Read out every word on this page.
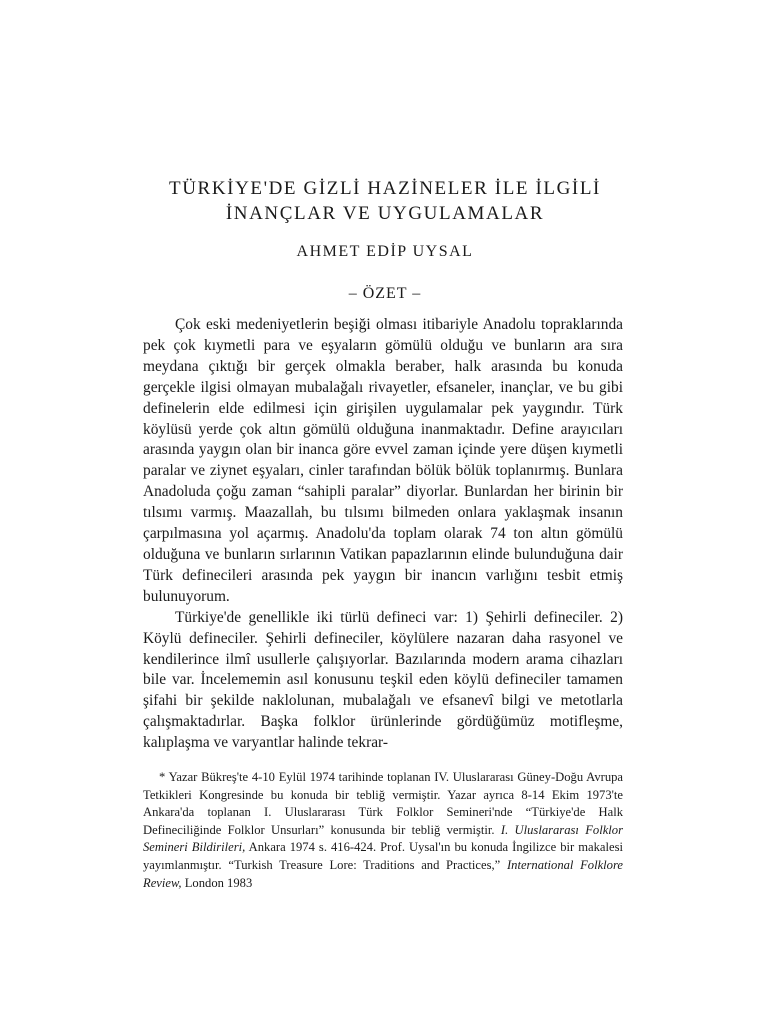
TÜRKİYE'DE GİZLİ HAZİNELER İLE İLGİLİ
İNANÇLAR VE UYGULAMALAR
AHMET EDİP UYSAL
– ÖZET –

Çok eski medeniyetlerin beşiği olması itibariyle Anadolu topraklarında pek çok kıymetli para ve eşyaların gömülü olduğu ve bunların ara sıra meydana çıktığı bir gerçek olmakla beraber, halk arasında bu konuda gerçekle ilgisi olmayan mubalağalı rivayetler, efsaneler, inançlar, ve bu gibi definelerin elde edilmesi için girişilen uygulamalar pek yaygındır. Türk köylüsü yerde çok altın gömülü olduğuna inanmaktadır. Define arayıcıları arasında yaygın olan bir inanca göre evvel zaman içinde yere düşen kıymetli paralar ve ziynet eşyaları, cinler tarafından bölük bölük toplanırmış. Bunlara Anadoluda çoğu zaman “sahipli paralar” diyorlar. Bunlardan her birinin bir tılsımı varmış. Maazallah, bu tılsımı bilmeden onlara yaklaşmak insanın çarpılmasına yol açarmış. Anadolu'da toplam olarak 74 ton altın gömülü olduğuna ve bunların sırlarının Vatikan papazlarının elinde bulunduğuna dair Türk definecileri arasında pek yaygın bir inancın varlığını tesbit etmiş bulunuyorum.

Türkiye'de genellikle iki türlü defineci var: 1) Şehirli defineciler. 2) Köylü defineciler. Şehirli defineciler, köylülere nazaran daha rasyonel ve kendilerince ilmî usullerle çalışıyorlar. Bazılarında modern arama cihazları bile var. İncelememin asıl konusunu teşkil eden köylü defineciler tamamen şifahi bir şekilde naklolunan, mubalağalı ve efsanevî bilgi ve metotlarla çalışmaktadırlar. Başka folklor ürünlerinde gördüğümüz motifleşme, kalıplaşma ve varyantlar halinde tekrar-

* Yazar Bükreş'te 4-10 Eylül 1974 tarihinde toplanan IV. Uluslararası Güney-Doğu Avrupa Tetkikleri Kongresinde bu konuda bir tebliğ vermiştir. Yazar ayrıca 8-14 Ekim 1973'te Ankara'da toplanan I. Uluslararası Türk Folklor Semineri'nde “Türkiye'de Halk Defineciliğinde Folklor Unsurları” konusunda bir tebliğ vermiştir. I. Uluslararası Folklor Semineri Bildirileri, Ankara 1974 s. 416-424. Prof. Uysal'ın bu konuda İngilizce bir makalesi yayımlanmıştır. “Turkish Treasure Lore: Traditions and Practices,” International Folklore Review, London 1983
